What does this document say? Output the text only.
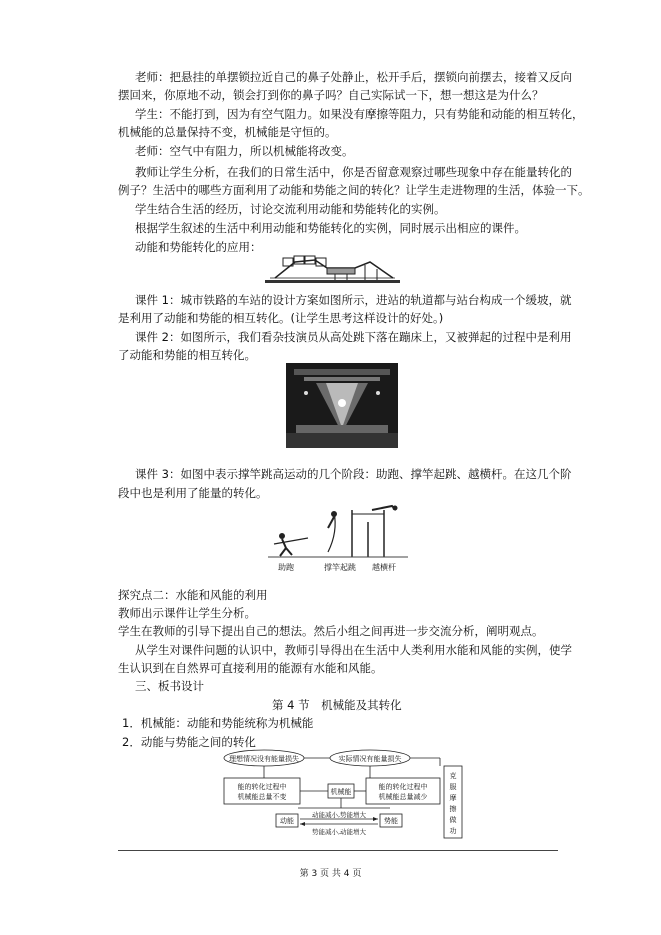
老师：把悬挂的单摆锁拉近自己的鼻子处静止，松开手后，摆锁向前摆去，接着又反向
摆回来，你原地不动，锁会打到你的鼻子吗？自己实际试一下，想一想这是为什么？
学生：不能打到，因为有空气阻力。如果没有摩擦等阻力，只有势能和动能的相互转化，
机械能的总量保持不变，机械能是守恒的。
老师：空气中有阻力，所以机械能将改变。
教师让学生分析，在我们的日常生活中，你是否留意观察过哪些现象中存在能量转化的
例子？生活中的哪些方面利用了动能和势能之间的转化？让学生走进物理的生活，体验一下。
学生结合生活的经历，讨论交流利用动能和势能转化的实例。
根据学生叙述的生活中利用动能和势能转化的实例，同时展示出相应的课件。
动能和势能转化的应用：
课件 1：城市铁路的车站的设计方案如图所示，进站的轨道都与站台构成一个缓坡，就
是利用了动能和势能的相互转化。(让学生思考这样设计的好处。)
课件 2：如图所示，我们看杂技演员从高处跳下落在蹦床上，又被弹起的过程中是利用
了动能和势能的相互转化。
课件 3：如图中表示撑竿跳高运动的几个阶段：助跑、撑竿起跳、越横杆。在这几个阶
段中也是利用了能量的转化。
助跑	撑竿起跳 越横杆
探究点二：水能和风能的利用
教师出示课件让学生分析。
学生在教师的引导下提出自己的想法。然后小组之间再进一步交流分析，阐明观点。
从学生对课件问题的认识中，教师引导得出在生活中人类利用水能和风能的实例，使学
生认识到在自然界可直接利用的能源有水能和风能。
三、板书设计
第 4 节　机械能及其转化
1．机械能：动能和势能统称为机械能
2．动能与势能之间的转化
理想情况没有能量损失	实际情况有能量损失
能的转化过程中
机械能总量不变
机械能
能的转化过程中
机械能总量减少
克
服
摩
擦
做
功
动能	势能
动能减小,势能增大
势能减小,动能增大
第 3 页 共 4 页
